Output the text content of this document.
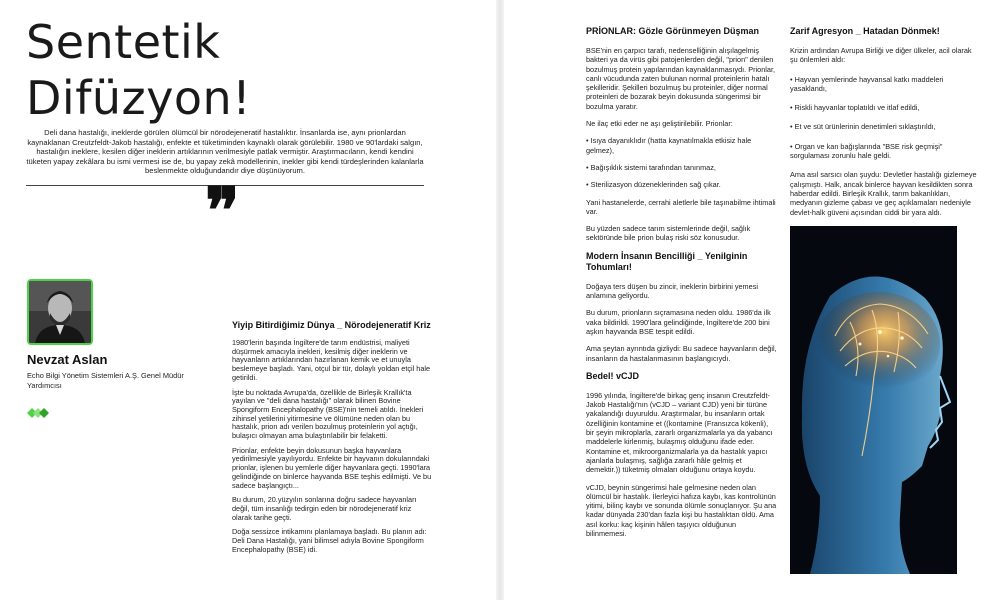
Sentetik
Difüzyon!

Deli dana hastalığı, ineklerde görülen ölümcül bir nörodejeneratif hastalıktır. İnsanlarda ise, aynı prionlardan kaynaklanan Creutzfeldt-Jakob hastalığı, enfekte et tüketiminden kaynaklı olarak görülebilir. 1980 ve 90'lardaki salgın, hastalığın ineklere, kesilen diğer ineklerin artıklarının verilmesiyle patlak vermiştir. Araştırmacıların, kendi kendini tüketen yapay zekâlara bu ismi vermesi ise de, bu yapay zekâ modellerinin, inekler gibi kendi türdeşlerinden kalanlarla beslenmekte olduğundandır diye düşünüyorum.

❞

Nevzat Aslan

Echo Bilgi Yönetim Sistemleri A.Ş. Genel Müdür Yardımcısı

Yiyip Bitirdiğimiz Dünya _ Nörodejeneratif Kriz

1980'lerin başında İngiltere'de tarım endüstrisi, maliyeti düşürmek amacıyla inekleri, kesilmiş diğer ineklerin ve hayvanların artıklarından hazırlanan kemik ve et unuyla beslemeye başladı. Yani, otçul bir tür, dolaylı yoldan etçil hale getirildi.

İşte bu noktada Avrupa'da, özellikle de Birleşik Krallık'ta yayılan ve "deli dana hastalığı" olarak bilinen Bovine Spongiform Encephalopathy (BSE)'nin temeli atıldı. İnekleri zihinsel yetilerini yitirmesine ve ölümüne neden olan bu hastalık, prion adı verilen bozulmuş proteinlerin yol açtığı, bulaşıcı olmayan ama bulaştırılabilir bir felaketti.

Prionlar, enfekte beyin dokusunun başka hayvanlara yedirilmesiyle yayılıyordu. Enfekte bir hayvanın dokularındaki prionlar, işlenen bu yemlerle diğer hayvanlara geçti. 1990'lara gelindiğinde on binlerce hayvanda BSE teşhis edilmişti. Ve bu sadece başlangıçtı...

Bu durum, 20.yüzyılın sonlarına doğru sadece hayvanları değil, tüm insanlığı tedirgin eden bir nörodejeneratif kriz olarak tarihe geçti.

Doğa sessizce intikamını planlamaya başladı. Bu planın adı: Deli Dana Hastalığı, yani bilimsel adıyla Bovine Spongiform Encephalopathy (BSE) idi.

PRİONLAR: Gözle Görünmeyen Düşman

BSE'nin en çarpıcı tarafı, nedenselliğinin alışılagelmiş bakteri ya da virüs gibi patojenlerden değil, "prion" denilen bozulmuş protein yapılarından kaynaklanmasıydı. Prionlar, canlı vücudunda zaten bulunan normal proteinlerin hatalı şekilleridir. Şekilleri bozulmuş bu proteinler, diğer normal proteinleri de bozarak beyin dokusunda süngerimsi bir bozulma yaratır.

Ne ilaç etki eder ne aşı geliştirilebilir. Prionlar:

• Isıya dayanıklıdır (hatta kaynatılmakla etkisiz hale gelmez),

• Bağışıklık sistemi tarafından tanınmaz,

• Sterilizasyon düzeneklerinden sağ çıkar.

Yani hastanelerde, cerrahi aletlerle bile taşınabilme ihtimali var.

Bu yüzden sadece tarım sistemlerinde değil, sağlık sektöründe bile prion bulaş riski söz konusudur.

Modern İnsanın Bencilliği _ Yenilginin Tohumları!

Doğaya ters düşen bu zincir, ineklerin birbirini yemesi anlamına geliyordu.

Bu durum, prionların sıçramasına neden oldu. 1986'da ilk vaka bildirildi. 1990'lara gelindiğinde, İngiltere'de 200 bini aşkın hayvanda BSE tespit edildi.

Ama şeytan ayrıntıda gizliydi: Bu sadece hayvanların değil, insanların da hastalanmasının başlangıcıydı.

Bedel! vCJD

1996 yılında, İngiltere'de birkaç genç insanın Creutzfeldt-Jakob Hastalığı'nın (vCJD – variant CJD) yeni bir türüne yakalandığı duyuruldu. Araştırmalar, bu insanların ortak özelliğinin kontamine et ((kontamine (Fransızca kökenli), bir şeyin mikroplarla, zararlı organizmalarla ya da yabancı maddelerle kirlenmiş, bulaşmış olduğunu ifade eder. Kontamine et, mikroorganizmalarla ya da hastalık yapıcı ajanlarla bulaşmış, sağlığa zararlı hâle gelmiş et demektir.)) tüketmiş olmaları olduğunu ortaya koydu.

vCJD, beynin süngerimsi hale gelmesine neden olan ölümcül bir hastalık. İlerleyici hafıza kaybı, kas kontrolünün yitimi, bilinç kaybı ve sonunda ölümle sonuçlanıyor. Şu ana kadar dünyada 230'dan fazla kişi bu hastalıktan öldü. Ama asıl korku: kaç kişinin hâlen taşıyıcı olduğunun bilinmemesi.

Zarif Agresyon _ Hatadan Dönmek!

Krizin ardından Avrupa Birliği ve diğer ülkeler, acil olarak şu önlemleri aldı:

• Hayvan yemlerinde hayvansal katkı maddeleri yasaklandı,

• Riskli hayvanlar toplatıldı ve itlaf edildi,

• Et ve süt ürünlerinin denetimleri sıklaştırıldı,

• Organ ve kan bağışlarında "BSE risk geçmişi" sorgulaması zorunlu hale geldi.

Ama asıl sarsıcı olan şuydu: Devletler hastalığı gizlemeye çalışmıştı. Halk, ancak binlerce hayvan kesildikten sonra haberdar edildi. Birleşik Krallık, tarım bakanlıkları, medyanın gizleme çabası ve geç açıklamaları nedeniyle devlet-halk güveni açısından ciddi bir yara aldı.
